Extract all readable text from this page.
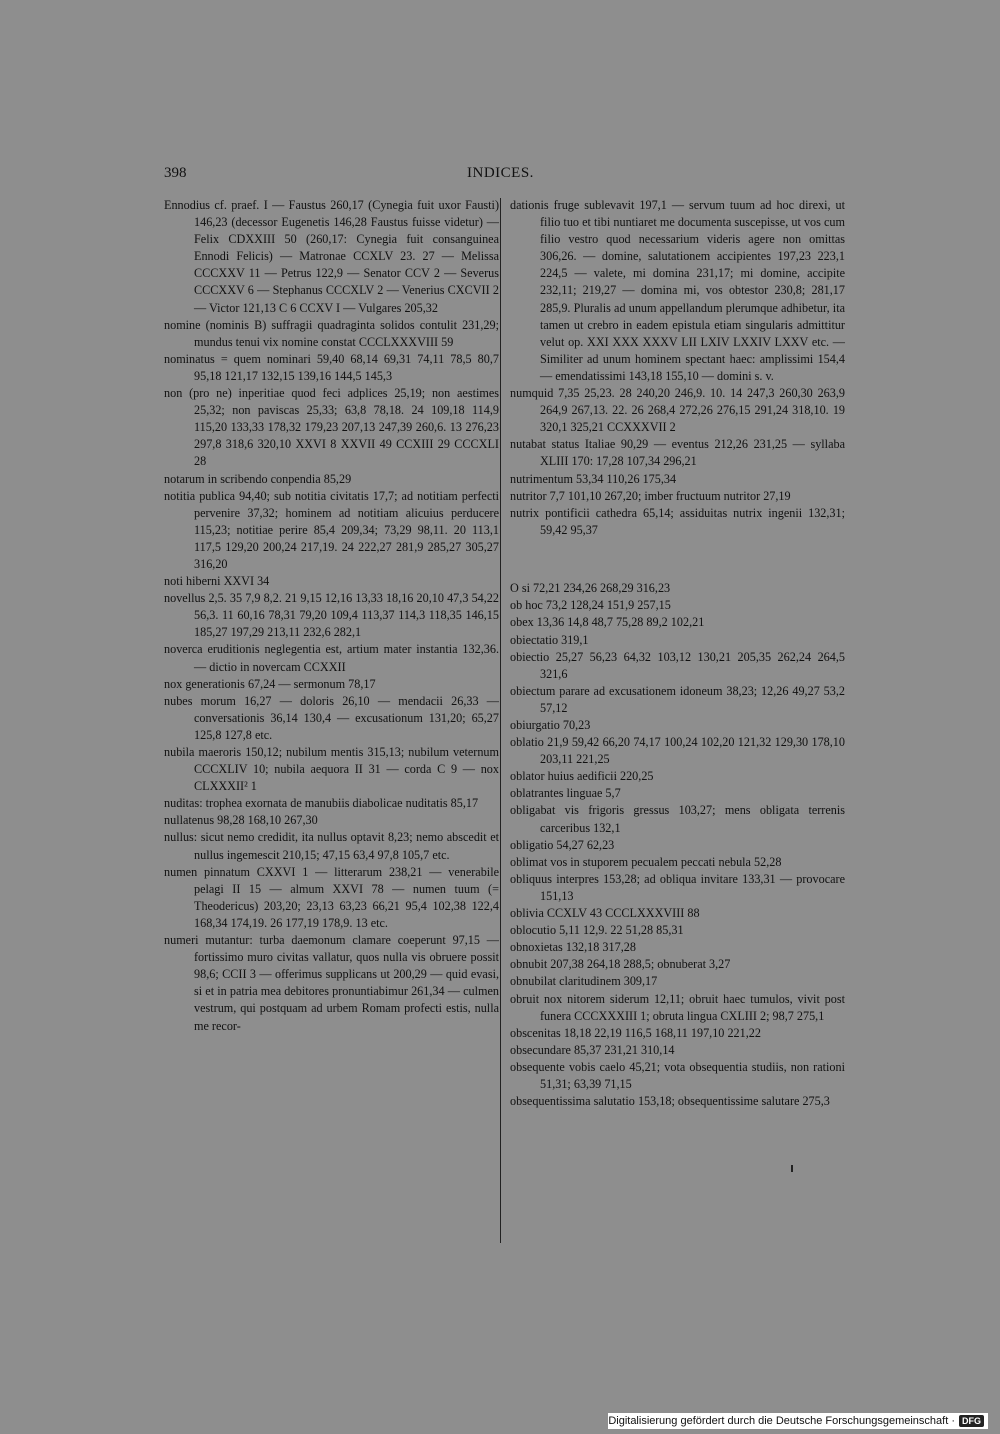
398	INDICES.

Ennodius cf. praef. I — Faustus 260,17 (Cynegia fuit uxor Fausti) 146,23 (decessor Eugenetis 146,28 Faustus fuisse videtur) — Felix CDXXIII 50 (260,17: Cynegia fuit consanguinea Ennodi Felicis) — Matronae CCXLV 23. 27 — Melissa CCCXXV 11 — Petrus 122,9 — Senator CCV 2 — Severus CCCXXV 6 — Stephanus CCCXLV 2 — Venerius CXCVII 2 — Victor 121,13 C 6 CCXV I — Vulgares 205,32

nomine (nominis B) suffragii quadraginta solidos contulit 231,29; mundus tenui vix nomine constat CCCLXXXVIII 59

nominatus = quem nominari 59,40 68,14 69,31 74,11 78,5 80,7 95,18 121,17 132,15 139,16 144,5 145,3

non (pro ne) inperitiae quod feci adplices 25,19; non aestimes 25,32; non paviscas 25,33; 63,8 78,18. 24 109,18 114,9 115,20 133,33 178,32 179,23 207,13 247,39 260,6. 13 276,23 297,8 318,6 320,10 XXVI 8 XXVII 49 CCXIII 29 CCCXLI 28

notarum in scribendo conpendia 85,29

notitia publica 94,40; sub notitia civitatis 17,7; ad notitiam perfecti pervenire 37,32; hominem ad notitiam alicuius perducere 115,23; notitiae perire 85,4 209,34; 73,29 98,11. 20 113,1 117,5 129,20 200,24 217,19. 24 222,27 281,9 285,27 305,27 316,20

noti hiberni XXVI 34

novellus 2,5. 35 7,9 8,2. 21 9,15 12,16 13,33 18,16 20,10 47,3 54,22 56,3. 11 60,16 78,31 79,20 109,4 113,37 114,3 118,35 146,15 185,27 197,29 213,11 232,6 282,1

noverca eruditionis neglegentia est, artium mater instantia 132,36. — dictio in novercam CCXXII

nox generationis 67,24 — sermonum 78,17

nubes morum 16,27 — doloris 26,10 — mendacii 26,33 — conversationis 36,14 130,4 — excusationum 131,20; 65,27 125,8 127,8 etc.

nubila maeroris 150,12; nubilum mentis 315,13; nubilum veternum CCCXLIV 10; nubila aequora II 31 — corda C 9 — nox CLXXXII² 1

nuditas: trophea exornata de manubiis diabolicae nuditatis 85,17

nullatenus 98,28 168,10 267,30

nullus: sicut nemo credidit, ita nullus optavit 8,23; nemo abscedit et nullus ingemescit 210,15; 47,15 63,4 97,8 105,7 etc.

numen pinnatum CXXVI 1 — litterarum 238,21 — venerabile pelagi II 15 — almum XXVI 78 — numen tuum (= Theodericus) 203,20; 23,13 63,23 66,21 95,4 102,38 122,4 168,34 174,19. 26 177,19 178,9. 13 etc.

numeri mutantur: turba daemonum clamare coeperunt 97,15 — fortissimo muro civitas vallatur, quos nulla vis obruere possit 98,6; CCII 3 — offerimus supplicans ut 200,29 — quid evasi, si et in patria mea debitores pronuntiabimur 261,34 — culmen vestrum, qui postquam ad urbem Romam profecti estis, nulla me recor-

dationis fruge sublevavit 197,1 — servum tuum ad hoc direxi, ut filio tuo et tibi nuntiaret me documenta suscepisse, ut vos cum filio vestro quod necessarium videris agere non omittas 306,26. — domine, salutationem accipientes 197,23 223,1 224,5 — valete, mi domina 231,17; mi domine, accipite 232,11; 219,27 — domina mi, vos obtestor 230,8; 281,17 285,9. Pluralis ad unum appellandum plerumque adhibetur, ita tamen ut crebro in eadem epistula etiam singularis admittitur velut op. XXI XXX XXXV LII LXIV LXXIV LXXV etc. — Similiter ad unum hominem spectant haec: amplissimi 154,4 — emendatissimi 143,18 155,10 — domini s. v.

numquid 7,35 25,23. 28 240,20 246,9. 10. 14 247,3 260,30 263,9 264,9 267,13. 22. 26 268,4 272,26 276,15 291,24 318,10. 19 320,1 325,21 CCXXXVII 2

nutabat status Italiae 90,29 — eventus 212,26 231,25 — syllaba XLIII 170: 17,28 107,34 296,21

nutrimentum 53,34 110,26 175,34

nutritor 7,7 101,10 267,20; imber fructuum nutritor 27,19

nutrix pontificii cathedra 65,14; assiduitas nutrix ingenii 132,31; 59,42 95,37

O si 72,21 234,26 268,29 316,23

ob hoc 73,2 128,24 151,9 257,15

obex 13,36 14,8 48,7 75,28 89,2 102,21

obiectatio 319,1

obiectio 25,27 56,23 64,32 103,12 130,21 205,35 262,24 264,5 321,6

obiectum parare ad excusationem idoneum 38,23; 12,26 49,27 53,2 57,12

obiurgatio 70,23

oblatio 21,9 59,42 66,20 74,17 100,24 102,20 121,32 129,30 178,10 203,11 221,25

oblator huius aedificii 220,25

oblatrantes linguae 5,7

obligabat vis frigoris gressus 103,27; mens obligata terrenis carceribus 132,1

obligatio 54,27 62,23

oblimat vos in stuporem pecualem peccati nebula 52,28

obliquus interpres 153,28; ad obliqua invitare 133,31 — provocare 151,13

oblivia CCXLV 43 CCCLXXXVIII 88

oblocutio 5,11 12,9. 22 51,28 85,31

obnoxietas 132,18 317,28

obnubit 207,38 264,18 288,5; obnuberat 3,27

obnubilat claritudinem 309,17

obruit nox nitorem siderum 12,11; obruit haec tumulos, vivit post funera CCCXXXIII 1; obruta lingua CXLIII 2; 98,7 275,1

obscenitas 18,18 22,19 116,5 168,11 197,10 221,22

obsecundare 85,37 231,21 310,14

obsequente vobis caelo 45,21; vota obsequentia studiis, non rationi 51,31; 63,39 71,15

obsequentissima salutatio 153,18; obsequentissime salutare 275,3

Digitalisierung gefördert durch die Deutsche Forschungsgemeinschaft · DFG
